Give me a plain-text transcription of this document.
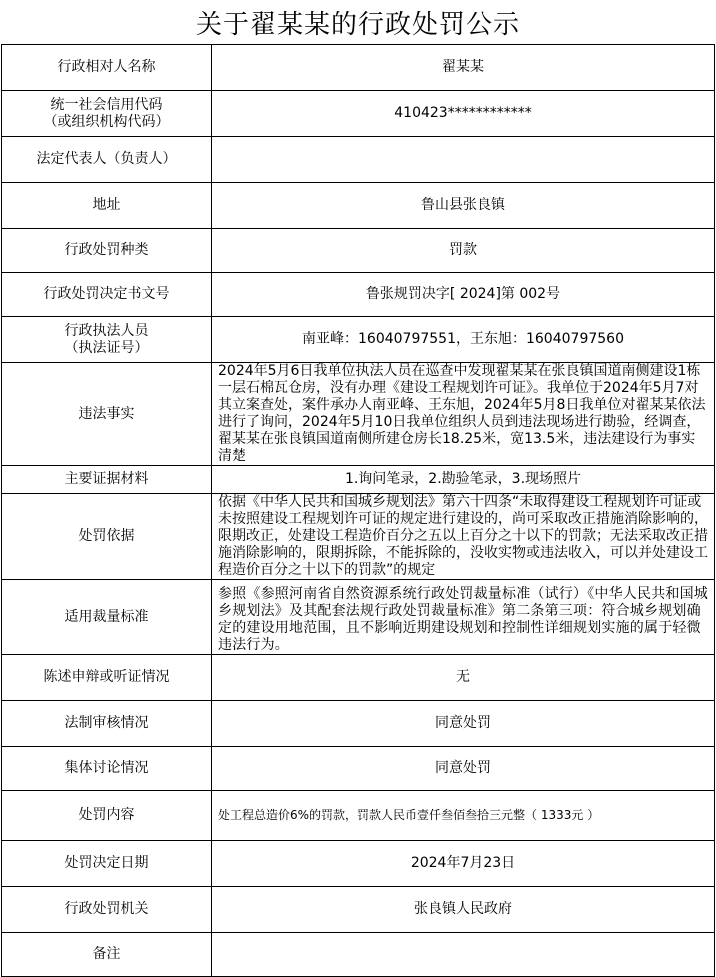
关于翟某某的行政处罚公示
行政相对人名称	翟某某
统一社会信用代码
（或组织机构代码）	410423************
法定代表人（负责人）	
地址	鲁山县张良镇
行政处罚种类	罚款
行政处罚决定书文号	鲁张规罚决字[ 2024]第 002号
行政执法人员
（执法证号）	南亚峰：16040797551，王东旭：16040797560
违法事实	2024年5月6日我单位执法人员在巡查中发现翟某某在张良镇国道南侧建设1栋一层石棉瓦仓房，没有办理《建设工程规划许可证》。我单位于2024年5月7对其立案查处，案件承办人南亚峰、王东旭，2024年5月8日我单位对翟某某依法进行了询问，2024年5月10日我单位组织人员到违法现场进行勘验，经调查，翟某某在张良镇国道南侧所建仓房长18.25米，宽13.5米，违法建设行为事实清楚
主要证据材料	1.询问笔录，2.勘验笔录，3.现场照片
处罚依据	依据《中华人民共和国城乡规划法》第六十四条“未取得建设工程规划许可证或未按照建设工程规划许可证的规定进行建设的，尚可采取改正措施消除影响的，限期改正，处建设工程造价百分之五以上百分之十以下的罚款；无法采取改正措施消除影响的，限期拆除，不能拆除的，没收实物或违法收入，可以并处建设工程造价百分之十以下的罚款”的规定
适用裁量标准	参照《参照河南省自然资源系统行政处罚裁量标准（试行）《中华人民共和国城乡规划法》及其配套法规行政处罚裁量标准》第二条第三项：符合城乡规划确定的建设用地范围，且不影响近期建设规划和控制性详细规划实施的属于轻微违法行为。
陈述申辩或听证情况	无
法制审核情况	同意处罚
集体讨论情况	同意处罚
处罚内容	处工程总造价6%的罚款，罚款人民币壹仟叁佰叁拾三元整（ 1333元 ）
处罚决定日期	2024年7月23日
行政处罚机关	张良镇人民政府
备注	
